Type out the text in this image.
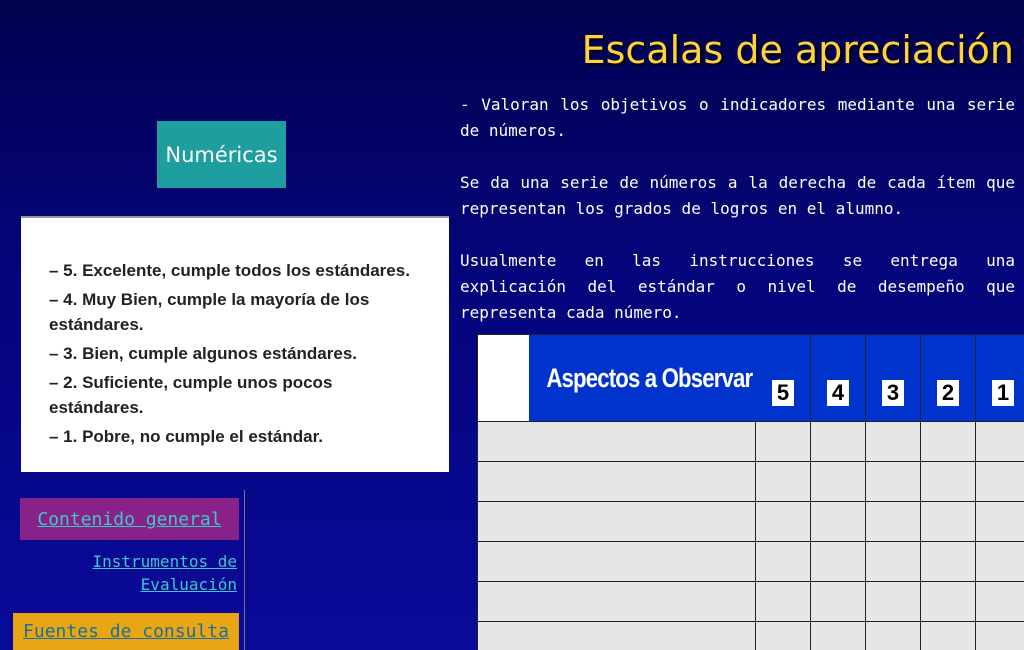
Escalas de apreciación
Numéricas
– 5. Excelente, cumple todos los estándares.
– 4. Muy Bien, cumple la mayoría de los
estándares.
– 3. Bien, cumple algunos estándares.
– 2. Suficiente, cumple unos pocos
estándares.
– 1. Pobre, no cumple el estándar.

- Valoran los objetivos o indicadores mediante una serie de números.

Se da una serie de números a la derecha de cada ítem que representan los grados de logros en el alumno.

Usualmente en las instrucciones se entrega una explicación del estándar o nivel de desempeño que representa cada número.

Aspectos a Observar	5	4	3	2	1

Contenido general
Instrumentos de
Evaluación
Fuentes de consulta
